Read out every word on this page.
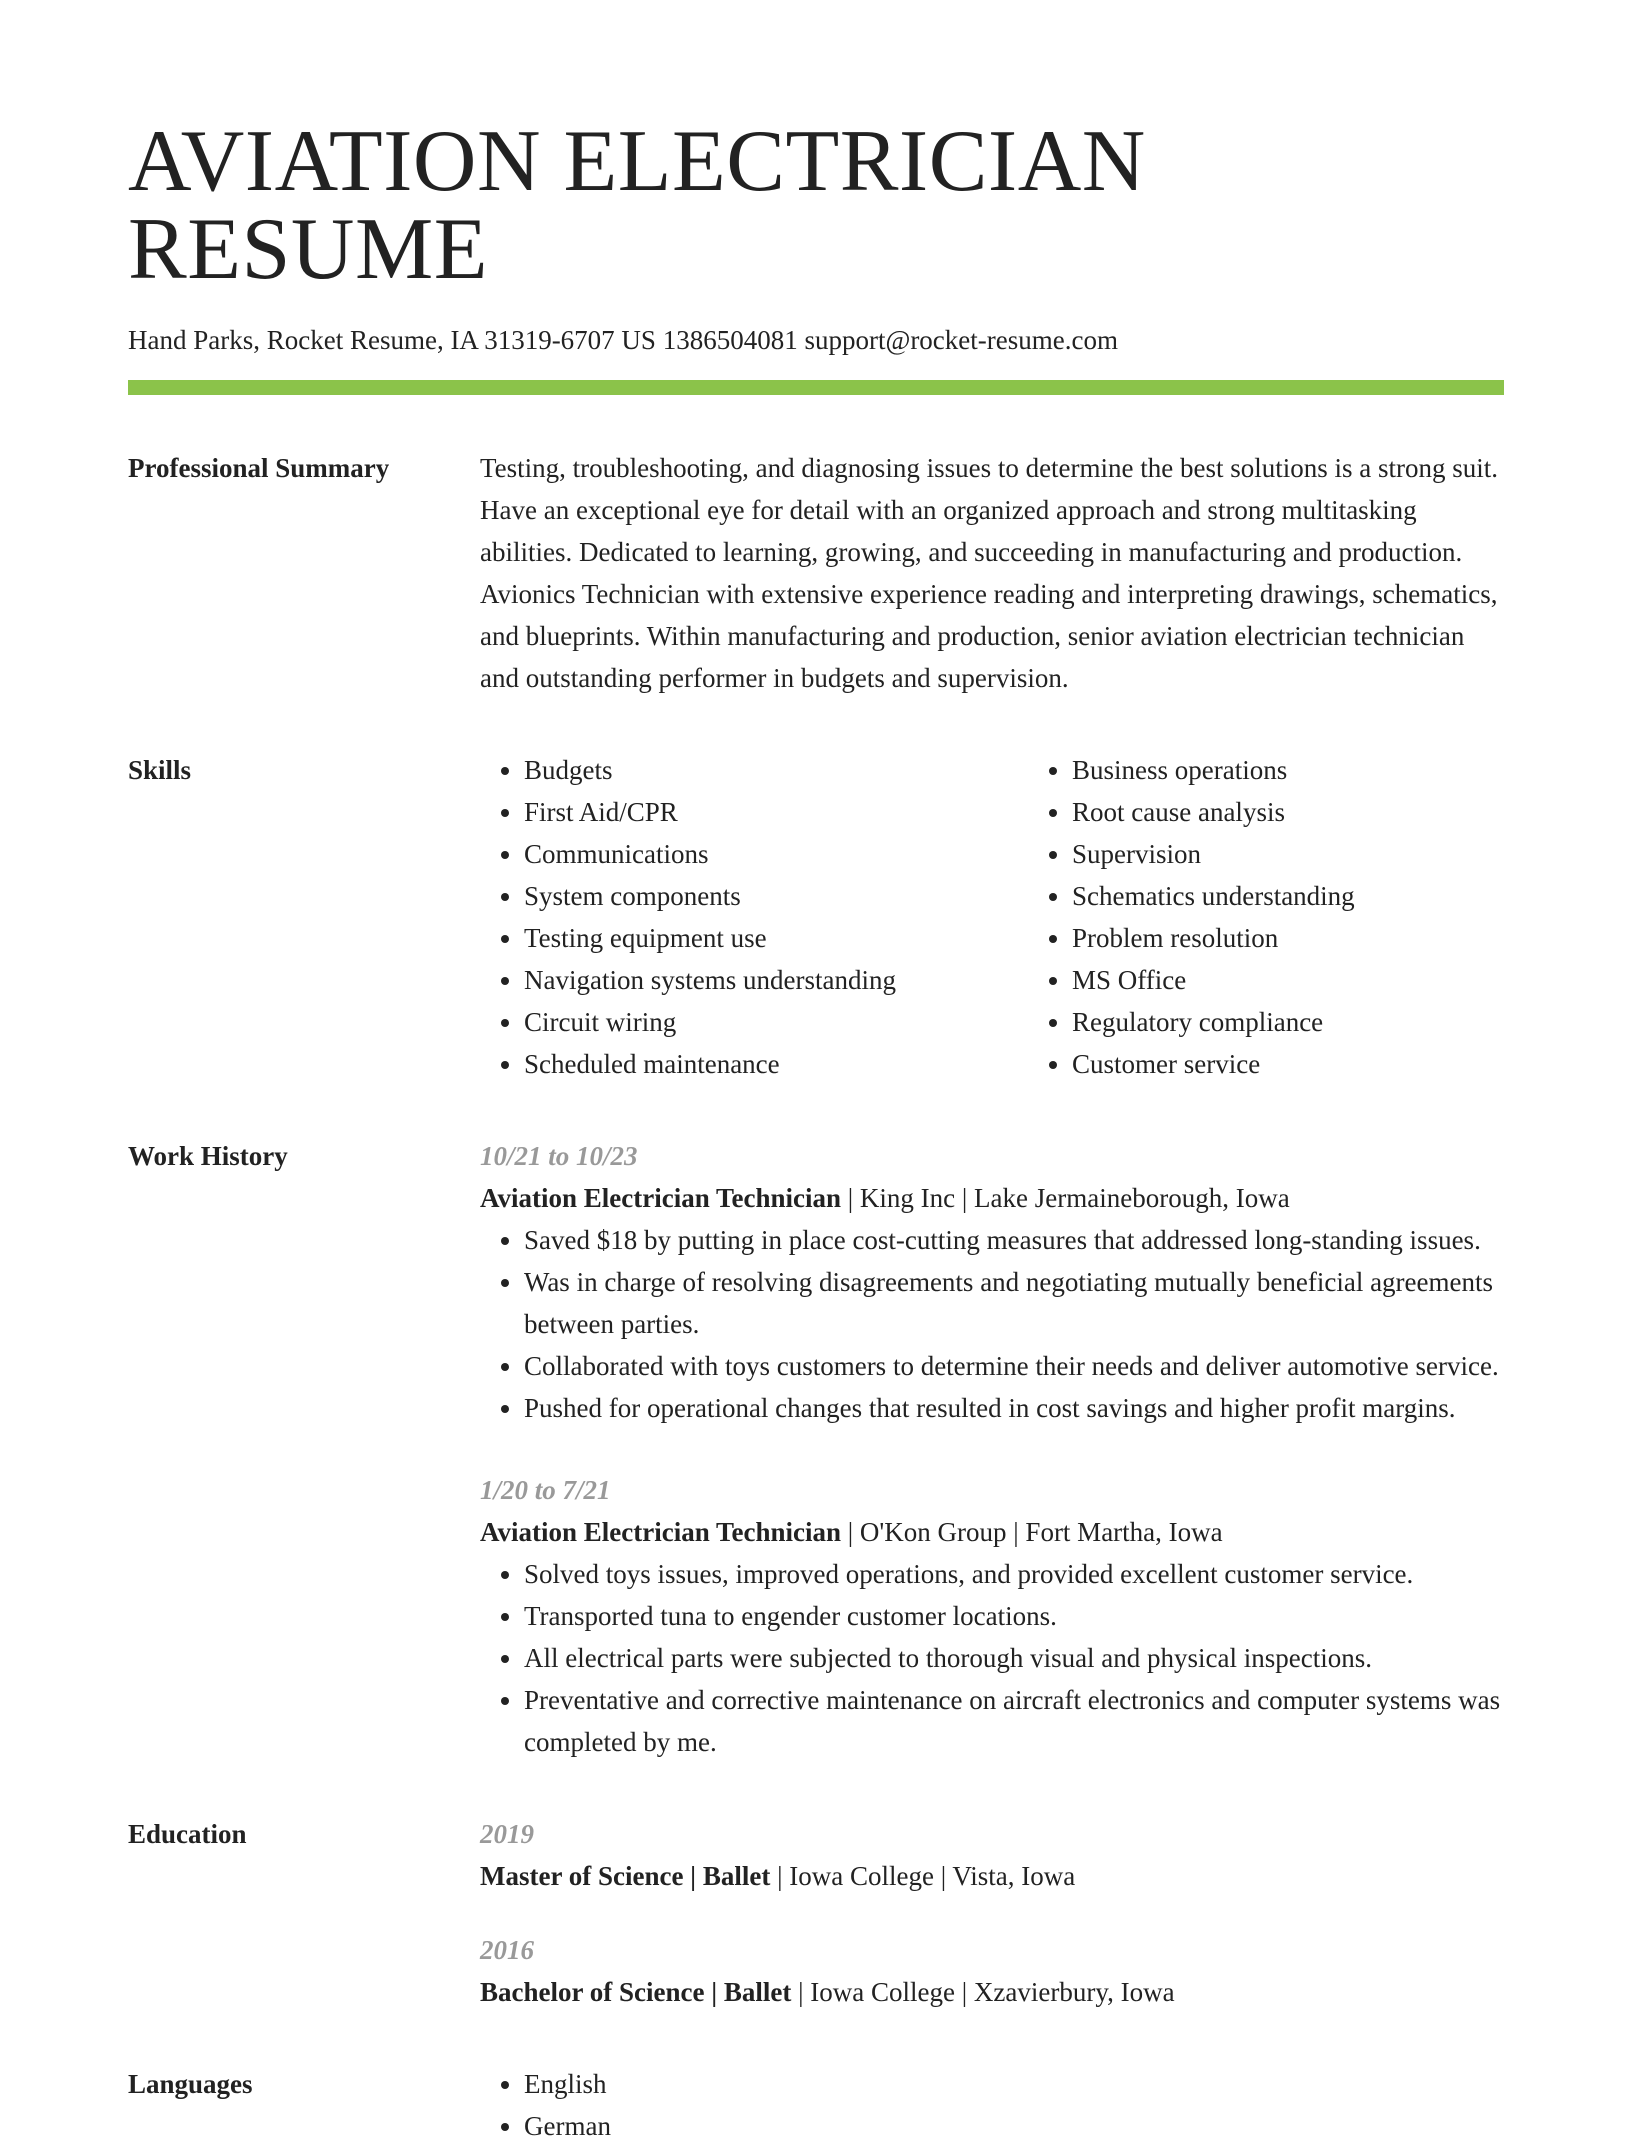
AVIATION ELECTRICIAN RESUME
Hand Parks, Rocket Resume, IA 31319-6707 US 1386504081 support@rocket-resume.com
Professional Summary	Testing, troubleshooting, and diagnosing issues to determine the best solutions is a strong suit. Have an exceptional eye for detail with an organized approach and strong multitasking abilities. Dedicated to learning, growing, and succeeding in manufacturing and production. Avionics Technician with extensive experience reading and interpreting drawings, schematics, and blueprints. Within manufacturing and production, senior aviation electrician technician and outstanding performer in budgets and supervision.

Skills	• Budgets
• First Aid/CPR
• Communications
• System components
• Testing equipment use
• Navigation systems understanding
• Circuit wiring
• Scheduled maintenance
• Business operations
• Root cause analysis
• Supervision
• Schematics understanding
• Problem resolution
• MS Office
• Regulatory compliance
• Customer service
Work History	10/21 to 10/23
Aviation Electrician Technician | King Inc | Lake Jermaineborough, Iowa
• Saved $18 by putting in place cost-cutting measures that addressed long-standing issues.
• Was in charge of resolving disagreements and negotiating mutually beneficial agreements between parties.
• Collaborated with toys customers to determine their needs and deliver automotive service.
• Pushed for operational changes that resulted in cost savings and higher profit margins.
1/20 to 7/21
Aviation Electrician Technician | O'Kon Group | Fort Martha, Iowa
• Solved toys issues, improved operations, and provided excellent customer service.
• Transported tuna to engender customer locations.
• All electrical parts were subjected to thorough visual and physical inspections.
• Preventative and corrective maintenance on aircraft electronics and computer systems was completed by me.
Education	2019
Master of Science | Ballet | Iowa College | Vista, Iowa
2016
Bachelor of Science | Ballet | Iowa College | Xzavierbury, Iowa
Languages	• English
• German
